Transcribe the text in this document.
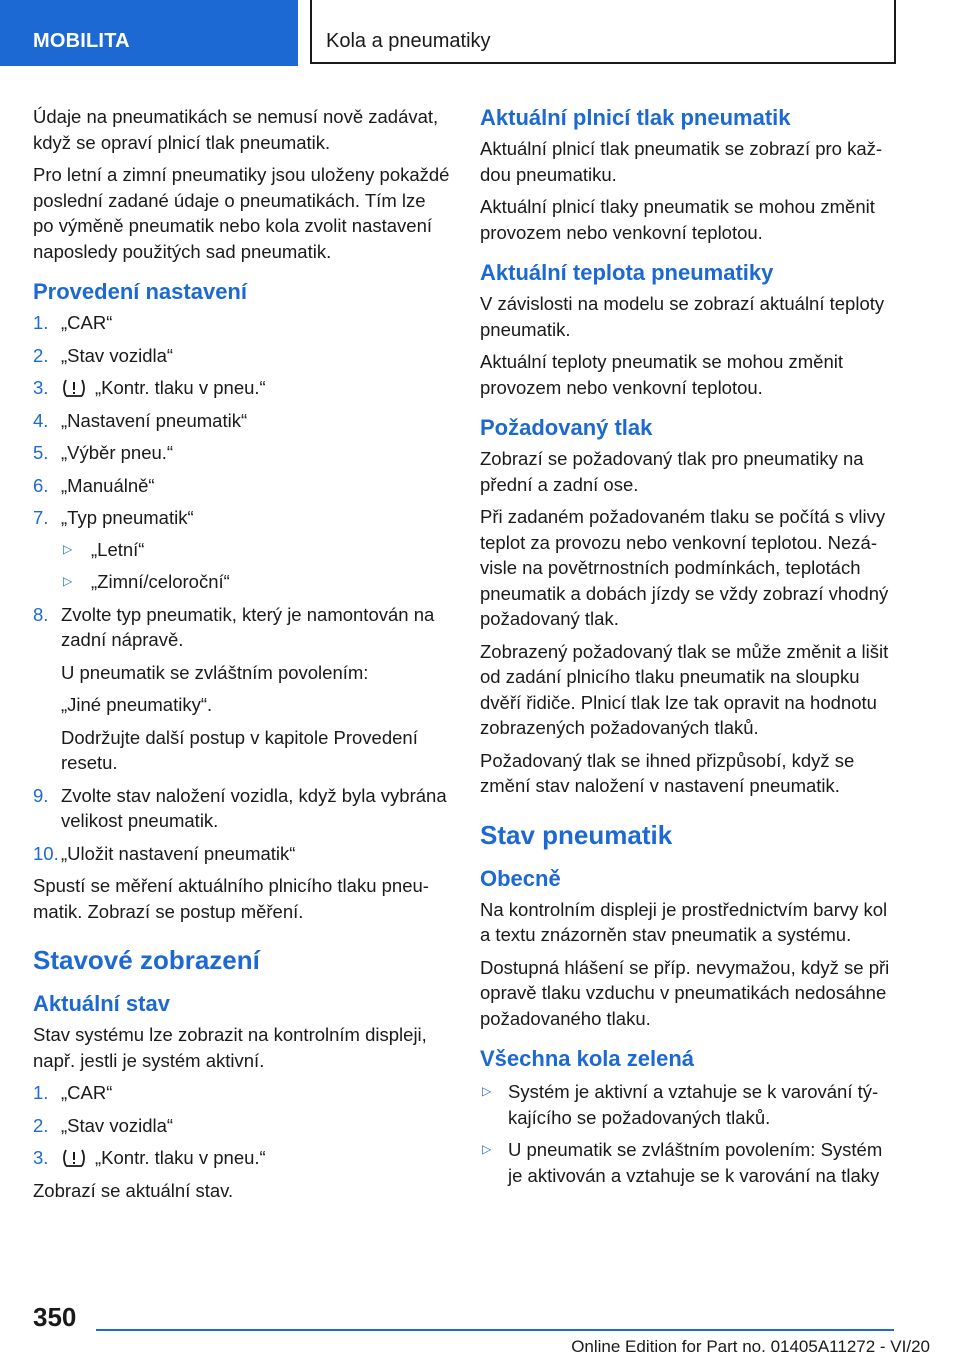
MOBILITA	Kola a pneumatiky

Údaje na pneumatikách se nemusí nově zadávat, když se opraví plnicí tlak pneumatik.

Pro letní a zimní pneumatiky jsou uloženy pokaždé poslední zadané údaje o pneumatikách. Tím lze po výměně pneumatik nebo kola zvolit nastavení naposledy použitých sad pneumatik.

Provedení nastavení
1. „CAR“
2. „Stav vozidla“
3.	„Kontr. tlaku v pneu.“
4. „Nastavení pneumatik“
5. „Výběr pneu.“
6. „Manuálně“
7. „Typ pneumatik“
▷ „Letní“
▷ „Zimní/celoroční“
8. Zvolte typ pneumatik, který je namontován na zadní nápravě.

U pneumatik se zvláštním povolením:

„Jiné pneumatiky“.

Dodržujte další postup v kapitole Provedení resetu.

9. Zvolte stav naložení vozidla, když byla vybrána velikost pneumatik.
10. „Uložit nastavení pneumatik“

Spustí se měření aktuálního plnicího tlaku pneumatik. Zobrazí se postup měření.

Stavové zobrazení
Aktuální stav

Stav systému lze zobrazit na kontrolním displeji, např. jestli je systém aktivní.

1. „CAR“
2. „Stav vozidla“
3.	„Kontr. tlaku v pneu.“

Zobrazí se aktuální stav.

Aktuální plnicí tlak pneumatik

Aktuální plnicí tlak pneumatik se zobrazí pro každou pneumatiku.

Aktuální plnicí tlaky pneumatik se mohou změnit provozem nebo venkovní teplotou.

Aktuální teplota pneumatiky

V závislosti na modelu se zobrazí aktuální teploty pneumatik.

Aktuální teploty pneumatik se mohou změnit provozem nebo venkovní teplotou.

Požadovaný tlak

Zobrazí se požadovaný tlak pro pneumatiky na přední a zadní ose.

Při zadaném požadovaném tlaku se počítá s vlivy teplot za provozu nebo venkovní teplotou. Nezávisle na povětrnostních podmínkách, teplotách pneumatik a dobách jízdy se vždy zobrazí vhodný požadovaný tlak.

Zobrazený požadovaný tlak se může změnit a lišit od zadání plnicího tlaku pneumatik na sloupku dvěří řidiče. Plnicí tlak lze tak opravit na hodnotu zobrazených požadovaných tlaků.

Požadovaný tlak se ihned přizpůsobí, když se změní stav naložení v nastavení pneumatik.

Stav pneumatik
Obecně

Na kontrolním displeji je prostřednictvím barvy kol a textu znázorněn stav pneumatik a systému.

Dostupná hlášení se příp. nevymažou, když se při opravě tlaku vzduchu v pneumatikách nedosáhne požadovaného tlaku.

Všechna kola zelená
▷ Systém je aktivní a vztahuje se k varování týkajícího se požadovaných tlaků.
▷ U pneumatik se zvláštním povolením: Systém je aktivován a vztahuje se k varování na tlaky
350
Online Edition for Part no. 01405A11272 - VI/20
